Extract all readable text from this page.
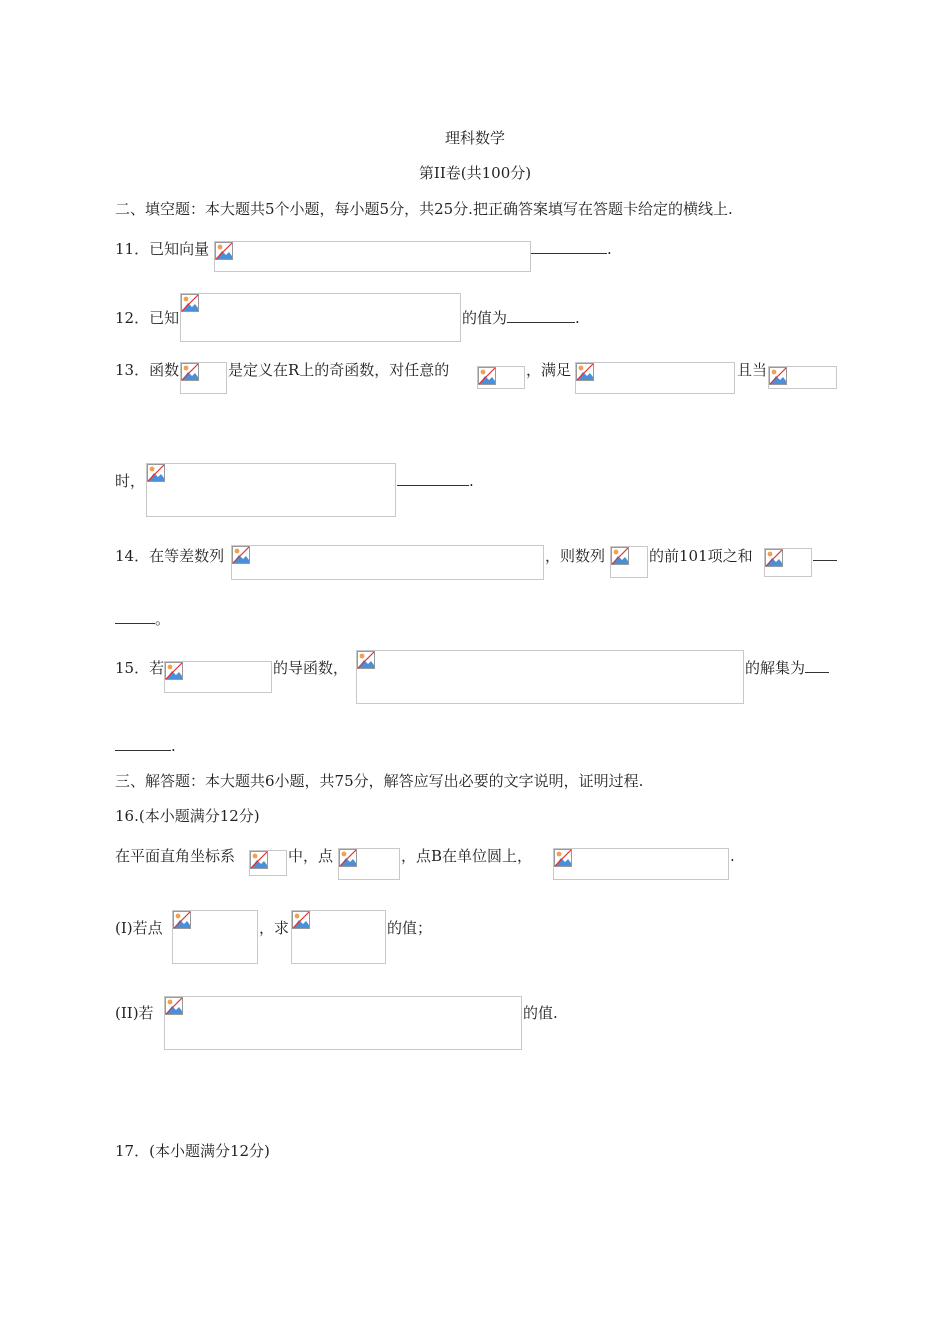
理科数学
第II卷(共100分)
二、填空题：本大题共5个小题，每小题5分，共25分.把正确答案填写在答题卡给定的横线上.
11．已知向量	.
12．已知	的值为	.
13．函数	是定义在R上的奇函数，对任意的	，满足	且当
时，	.
14．在等差数列	，则数列	的前101项之和
。
15．若	的导函数，	的解集为
.
三、解答题：本大题共6小题，共75分，解答应写出必要的文字说明，证明过程.
16.(本小题满分12分)
在平面直角坐标系	中，点	，点B在单位圆上，	.
(I)若点	，求	的值；
(II)若	的值.
17．(本小题满分12分)
